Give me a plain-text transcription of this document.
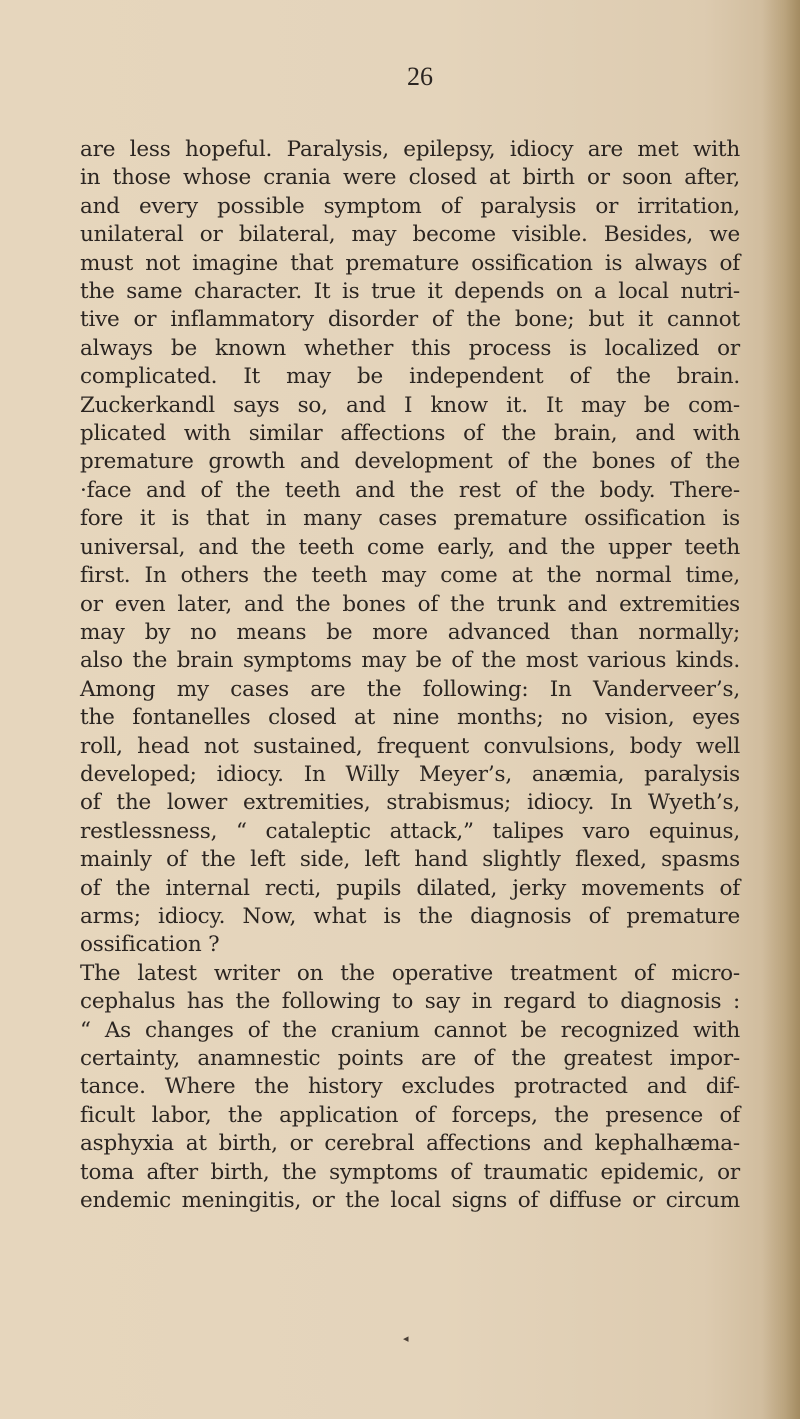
26
are less hopeful. Paralysis, epilepsy, idiocy are met with
in those whose crania were closed at birth or soon after,
and every possible symptom of paralysis or irritation,
unilateral or bilateral, may become visible. Besides, we
must not imagine that premature ossification is always of
the same character. It is true it depends on a local nutri-
tive or inflammatory disorder of the bone; but it cannot
always be known whether this process is localized or
complicated. It may be independent of the brain.
Zuckerkandl says so, and I know it. It may be com-
plicated with similar affections of the brain, and with
premature growth and development of the bones of the
·face and of the teeth and the rest of the body. There-
fore it is that in many cases premature ossification is
universal, and the teeth come early, and the upper teeth
first. In others the teeth may come at the normal time,
or even later, and the bones of the trunk and extremities
may by no means be more advanced than normally;
also the brain symptoms may be of the most various kinds.
Among my cases are the following: In Vanderveer’s,
the fontanelles closed at nine months; no vision, eyes
roll, head not sustained, frequent convulsions, body well
developed; idiocy. In Willy Meyer’s, anæmia, paralysis
of the lower extremities, strabismus; idiocy. In Wyeth’s,
restlessness, “ cataleptic attack,” talipes varo equinus,
mainly of the left side, left hand slightly flexed, spasms
of the internal recti, pupils dilated, jerky movements of
arms; idiocy. Now, what is the diagnosis of premature
ossification ?
The latest writer on the operative treatment of micro-
cephalus has the following to say in regard to diagnosis :
“ As changes of the cranium cannot be recognized with
certainty, anamnestic points are of the greatest impor-
tance. Where the history excludes protracted and dif-
ficult labor, the application of forceps, the presence of
asphyxia at birth, or cerebral affections and kephalhæma-
toma after birth, the symptoms of traumatic epidemic, or
endemic meningitis, or the local signs of diffuse or circum
◂
